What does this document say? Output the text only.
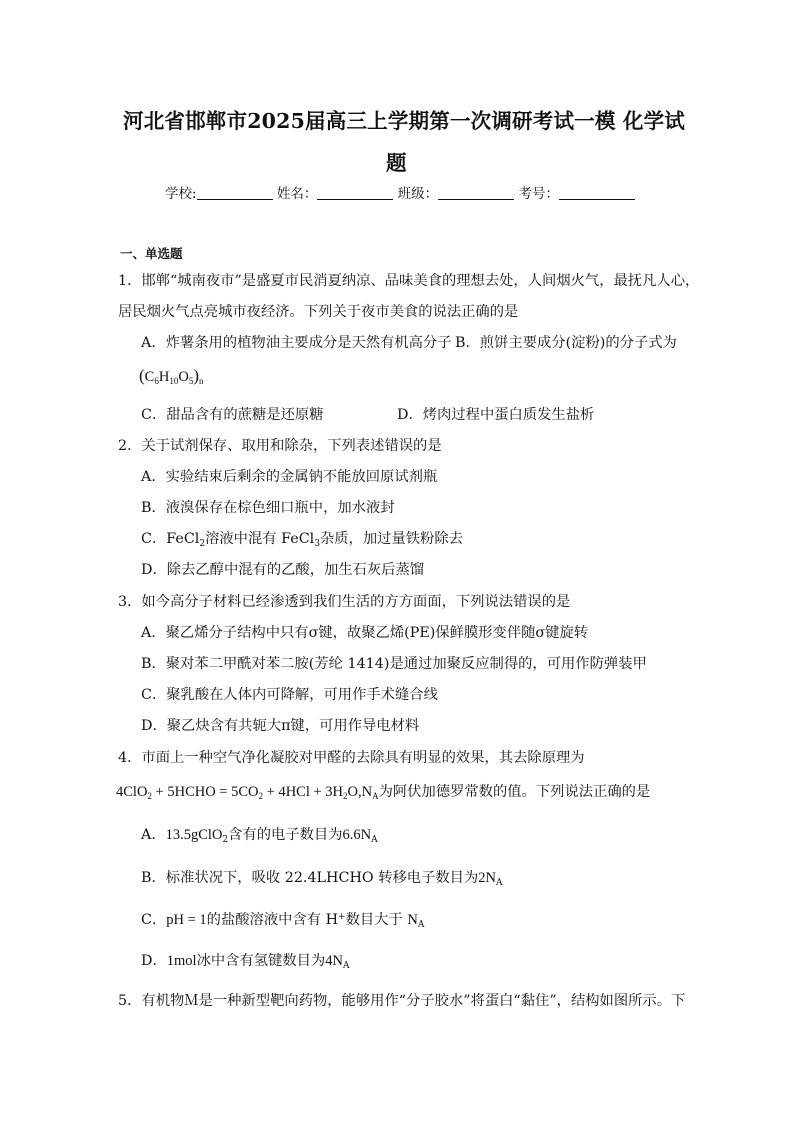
河北省邯郸市2025届高三上学期第一次调研考试一模 化学试
题
学校:	姓名：	班级：	考号：
一、单选题
1．邯郸“城南夜市”是盛夏市民消夏纳凉、品味美食的理想去处，人间烟火气，最抚凡人心，
居民烟火气点亮城市夜经济。下列关于夜市美食的说法正确的是
A．炸薯条用的植物油主要成分是天然有机高分子 B．煎饼主要成分(淀粉)的分子式为
$(C_6H_{10}O_5)_n$
C．甜品含有的蔗糖是还原糖	D．烤肉过程中蛋白质发生盐析
2．关于试剂保存、取用和除杂，下列表述错误的是
A．实验结束后剩余的金属钠不能放回原试剂瓶
B．液溴保存在棕色细口瓶中，加水液封
C．FeCl$_2$溶液中混有 FeCl$_3$杂质，加过量铁粉除去
D．除去乙醇中混有的乙酸，加生石灰后蒸馏
3．如今高分子材料已经渗透到我们生活的方方面面，下列说法错误的是
A．聚乙烯分子结构中只有σ键，故聚乙烯(PE)保鲜膜形变伴随σ键旋转
B．聚对苯二甲酰对苯二胺(芳纶 1414)是通过加聚反应制得的，可用作防弹装甲
C．聚乳酸在人体内可降解，可用作手术缝合线
D．聚乙炔含有共轭大π键，可用作导电材料
4．市面上一种空气净化凝胶对甲醛的去除具有明显的效果，其去除原理为
4ClO$_2$ + 5HCHO = $5CO_2 + 4HCl + 3H_2O,N_A$为阿伏加德罗常数的值。下列说法正确的是
A．13.5gClO$_2$含有的电子数目为$6.6N_A$
B．标准状况下，吸收 22.4LHCHO 转移电子数目为$2N_A$
C．pH = 1的盐酸溶液中含有 H+数目大于 $N_A$
D．1mol冰中含有氢键数目为$4N_A$
5．有机物Ｍ是一种新型靶向药物，能够用作“分子胶水”将蛋白“黏住”，结构如图所示。下
